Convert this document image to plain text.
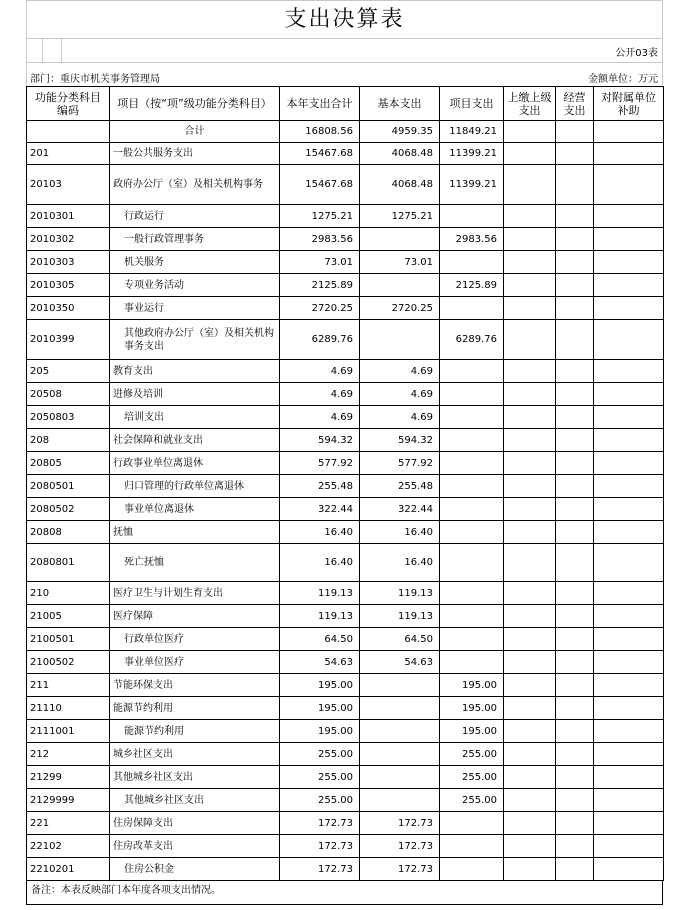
支出决算表
公开03表
部门：重庆市机关事务管理局	金额单位：万元
功能分类科目编码	项目（按“项”级功能分类科目）	本年支出合计	基本支出	项目支出	上缴上级支出	经营支出	对附属单位补助
	合计	16808.56	4959.35	11849.21			
201	一般公共服务支出	15467.68	4068.48	11399.21			
20103	政府办公厅（室）及相关机构事务	15467.68	4068.48	11399.21			
2010301	行政运行	1275.21	1275.21				
2010302	一般行政管理事务	2983.56		2983.56			
2010303	机关服务	73.01	73.01				
2010305	专项业务活动	2125.89		2125.89			
2010350	事业运行	2720.25	2720.25				
2010399	其他政府办公厅（室）及相关机构事务支出	6289.76		6289.76			
205	教育支出	4.69	4.69				
20508	进修及培训	4.69	4.69				
2050803	培训支出	4.69	4.69				
208	社会保障和就业支出	594.32	594.32				
20805	行政事业单位离退休	577.92	577.92				
2080501	归口管理的行政单位离退休	255.48	255.48				
2080502	事业单位离退休	322.44	322.44				
20808	抚恤	16.40	16.40				
2080801	死亡抚恤	16.40	16.40				
210	医疗卫生与计划生育支出	119.13	119.13				
21005	医疗保障	119.13	119.13				
2100501	行政单位医疗	64.50	64.50				
2100502	事业单位医疗	54.63	54.63				
211	节能环保支出	195.00		195.00			
21110	能源节约利用	195.00		195.00			
2111001	能源节约利用	195.00		195.00			
212	城乡社区支出	255.00		255.00			
21299	其他城乡社区支出	255.00		255.00			
2129999	其他城乡社区支出	255.00		255.00			
221	住房保障支出	172.73	172.73				
22102	住房改革支出	172.73	172.73				
2210201	住房公积金	172.73	172.73				
备注：本表反映部门本年度各项支出情况。
